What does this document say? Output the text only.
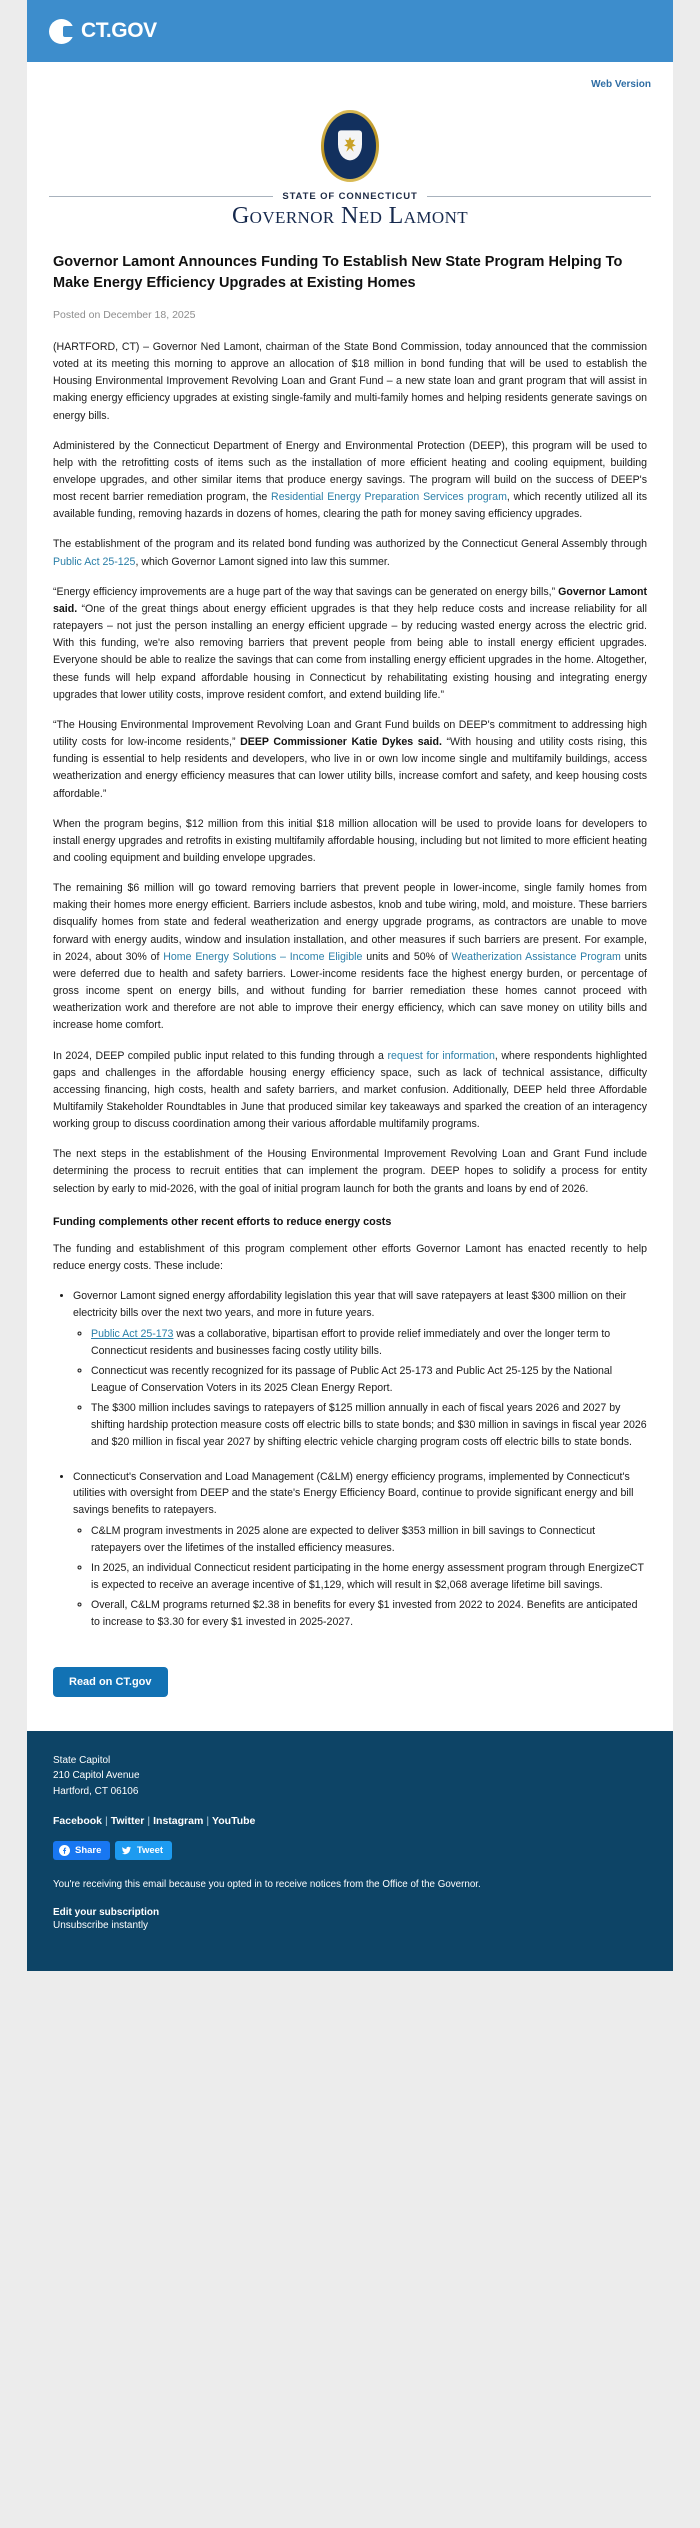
CT.GOV
Web Version
STATE OF CONNECTICUT
Governor Ned Lamont
Governor Lamont Announces Funding To Establish New State Program Helping To Make Energy Efficiency Upgrades at Existing Homes
Posted on December 18, 2025

(HARTFORD, CT) – Governor Ned Lamont, chairman of the State Bond Commission, today announced that the commission voted at its meeting this morning to approve an allocation of $18 million in bond funding that will be used to establish the Housing Environmental Improvement Revolving Loan and Grant Fund – a new state loan and grant program that will assist in making energy efficiency upgrades at existing single-family and multi-family homes and helping residents generate savings on energy bills.

Administered by the Connecticut Department of Energy and Environmental Protection (DEEP), this program will be used to help with the retrofitting costs of items such as the installation of more efficient heating and cooling equipment, building envelope upgrades, and other similar items that produce energy savings. The program will build on the success of DEEP's most recent barrier remediation program, the Residential Energy Preparation Services program, which recently utilized all its available funding, removing hazards in dozens of homes, clearing the path for money saving efficiency upgrades.

The establishment of the program and its related bond funding was authorized by the Connecticut General Assembly through Public Act 25-125, which Governor Lamont signed into law this summer.

“Energy efficiency improvements are a huge part of the way that savings can be generated on energy bills,” Governor Lamont said. “One of the great things about energy efficient upgrades is that they help reduce costs and increase reliability for all ratepayers – not just the person installing an energy efficient upgrade – by reducing wasted energy across the electric grid. With this funding, we're also removing barriers that prevent people from being able to install energy efficient upgrades. Everyone should be able to realize the savings that can come from installing energy efficient upgrades in the home. Altogether, these funds will help expand affordable housing in Connecticut by rehabilitating existing housing and integrating energy upgrades that lower utility costs, improve resident comfort, and extend building life.”

“The Housing Environmental Improvement Revolving Loan and Grant Fund builds on DEEP's commitment to addressing high utility costs for low-income residents,” DEEP Commissioner Katie Dykes said. “With housing and utility costs rising, this funding is essential to help residents and developers, who live in or own low income single and multifamily buildings, access weatherization and energy efficiency measures that can lower utility bills, increase comfort and safety, and keep housing costs affordable.”

When the program begins, $12 million from this initial $18 million allocation will be used to provide loans for developers to install energy upgrades and retrofits in existing multifamily affordable housing, including but not limited to more efficient heating and cooling equipment and building envelope upgrades.

The remaining $6 million will go toward removing barriers that prevent people in lower-income, single family homes from making their homes more energy efficient. Barriers include asbestos, knob and tube wiring, mold, and moisture. These barriers disqualify homes from state and federal weatherization and energy upgrade programs, as contractors are unable to move forward with energy audits, window and insulation installation, and other measures if such barriers are present. For example, in 2024, about 30% of Home Energy Solutions – Income Eligible units and 50% of Weatherization Assistance Program units were deferred due to health and safety barriers. Lower-income residents face the highest energy burden, or percentage of gross income spent on energy bills, and without funding for barrier remediation these homes cannot proceed with weatherization work and therefore are not able to improve their energy efficiency, which can save money on utility bills and increase home comfort.

In 2024, DEEP compiled public input related to this funding through a request for information, where respondents highlighted gaps and challenges in the affordable housing energy efficiency space, such as lack of technical assistance, difficulty accessing financing, high costs, health and safety barriers, and market confusion. Additionally, DEEP held three Affordable Multifamily Stakeholder Roundtables in June that produced similar key takeaways and sparked the creation of an interagency working group to discuss coordination among their various affordable multifamily programs.

The next steps in the establishment of the Housing Environmental Improvement Revolving Loan and Grant Fund include determining the process to recruit entities that can implement the program. DEEP hopes to solidify a process for entity selection by early to mid-2026, with the goal of initial program launch for both the grants and loans by end of 2026.

Funding complements other recent efforts to reduce energy costs

The funding and establishment of this program complement other efforts Governor Lamont has enacted recently to help reduce energy costs. These include:

• Governor Lamont signed energy affordability legislation this year that will save ratepayers at least $300 million on their electricity bills over the next two years, and more in future years.
◦ Public Act 25-173 was a collaborative, bipartisan effort to provide relief immediately and over the longer term to Connecticut residents and businesses facing costly utility bills.
◦ Connecticut was recently recognized for its passage of Public Act 25-173 and Public Act 25-125 by the National League of Conservation Voters in its 2025 Clean Energy Report.
◦ The $300 million includes savings to ratepayers of $125 million annually in each of fiscal years 2026 and 2027 by shifting hardship protection measure costs off electric bills to state bonds; and $30 million in savings in fiscal year 2026 and $20 million in fiscal year 2027 by shifting electric vehicle charging program costs off electric bills to state bonds.
• Connecticut's Conservation and Load Management (C&LM) energy efficiency programs, implemented by Connecticut's utilities with oversight from DEEP and the state's Energy Efficiency Board, continue to provide significant energy and bill savings benefits to ratepayers.
◦ C&LM program investments in 2025 alone are expected to deliver $353 million in bill savings to Connecticut ratepayers over the lifetimes of the installed efficiency measures.
◦ In 2025, an individual Connecticut resident participating in the home energy assessment program through EnergizeCT is expected to receive an average incentive of $1,129, which will result in $2,068 average lifetime bill savings.
◦ Overall, C&LM programs returned $2.38 in benefits for every $1 invested from 2022 to 2024. Benefits are anticipated to increase to $3.30 for every $1 invested in 2025-2027.
Read on CT.gov
State Capitol
210 Capitol Avenue
Hartford, CT 06106
Facebook | Twitter | Instagram | YouTube
Share
	Tweet
You're receiving this email because you opted in to receive notices from the Office of the Governor.
Edit your subscription
Unsubscribe instantly
